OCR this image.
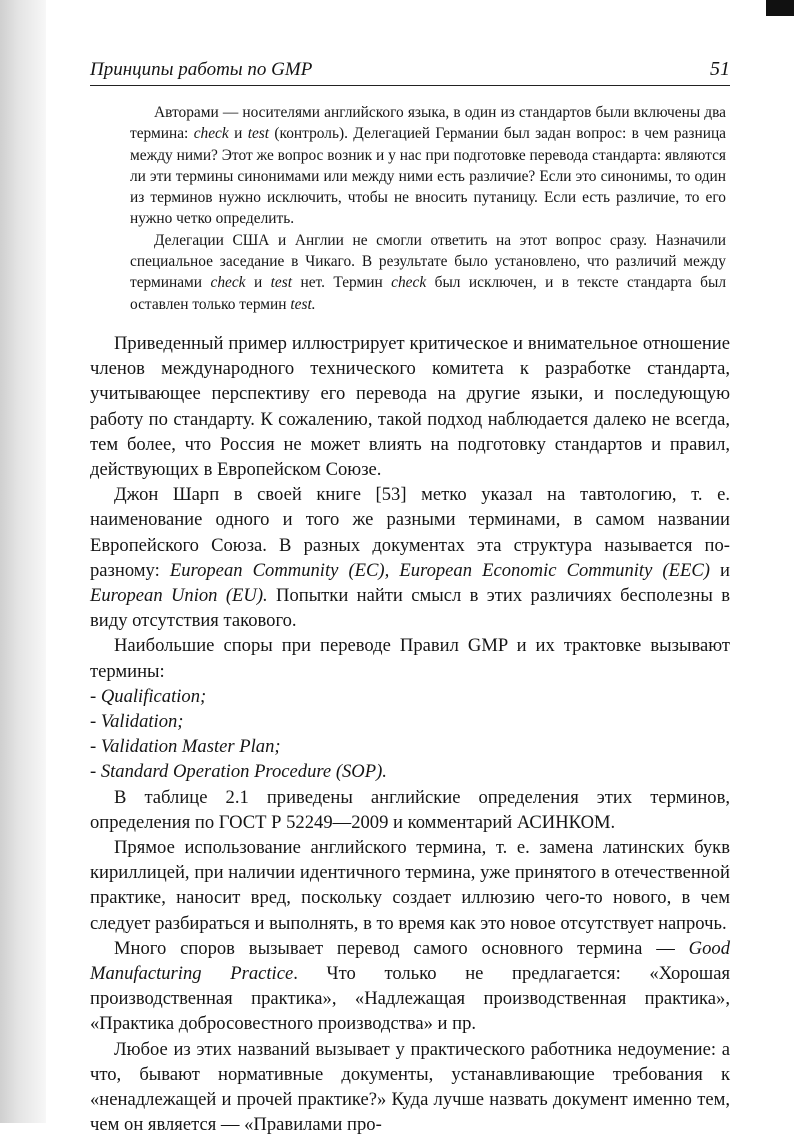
Принципы работы по GMP	51

Авторами — носителями английского языка, в один из стандартов были включены два термина: check и test (контроль). Делегацией Германии был задан вопрос: в чем разница между ними? Этот же вопрос возник и у нас при подготовке перевода стандарта: являются ли эти термины синонимами или между ними есть различие? Если это синонимы, то один из терминов нужно исключить, чтобы не вносить путаницу. Если есть различие, то его нужно четко определить.

Делегации США и Англии не смогли ответить на этот вопрос сразу. Назначили специальное заседание в Чикаго. В результате было установлено, что различий между терминами check и test нет. Термин check был исключен, и в тексте стандарта был оставлен только термин test.

Приведенный пример иллюстрирует критическое и внимательное отношение членов международного технического комитета к разработке стандарта, учитывающее перспективу его перевода на другие языки, и последующую работу по стандарту. К сожалению, такой подход наблюдается далеко не всегда, тем более, что Россия не может влиять на подготовку стандартов и правил, действующих в Европейском Союзе.

Джон Шарп в своей книге [53] метко указал на тавтологию, т. е. наименование одного и того же разными терминами, в самом названии Европейского Союза. В разных документах эта структура называется по-разному: European Community (EC), European Economic Community (EEC) и European Union (EU). Попытки найти смысл в этих различиях бесполезны в виду отсутствия такового.

Наибольшие споры при переводе Правил GMP и их трактовке вызывают термины:

- Qualification;
- Validation;
- Validation Master Plan;
- Standard Operation Procedure (SOP).

В таблице 2.1 приведены английские определения этих терминов, определения по ГОСТ Р 52249—2009 и комментарий АСИНКОМ.

Прямое использование английского термина, т. е. замена латинских букв кириллицей, при наличии идентичного термина, уже принятого в отечественной практике, наносит вред, поскольку создает иллюзию чего-то нового, в чем следует разбираться и выполнять, в то время как это новое отсутствует напрочь.

Много споров вызывает перевод самого основного термина — Good Manufacturing Practice. Что только не предлагается: «Хорошая производственная практика», «Надлежащая производственная практика», «Практика добросовестного производства» и пр.

Любое из этих названий вызывает у практического работника недоумение: а что, бывают нормативные документы, устанавливающие требования к «ненадлежащей и прочей практике?» Куда лучше назвать документ именно тем, чем он является — «Правилами про-
